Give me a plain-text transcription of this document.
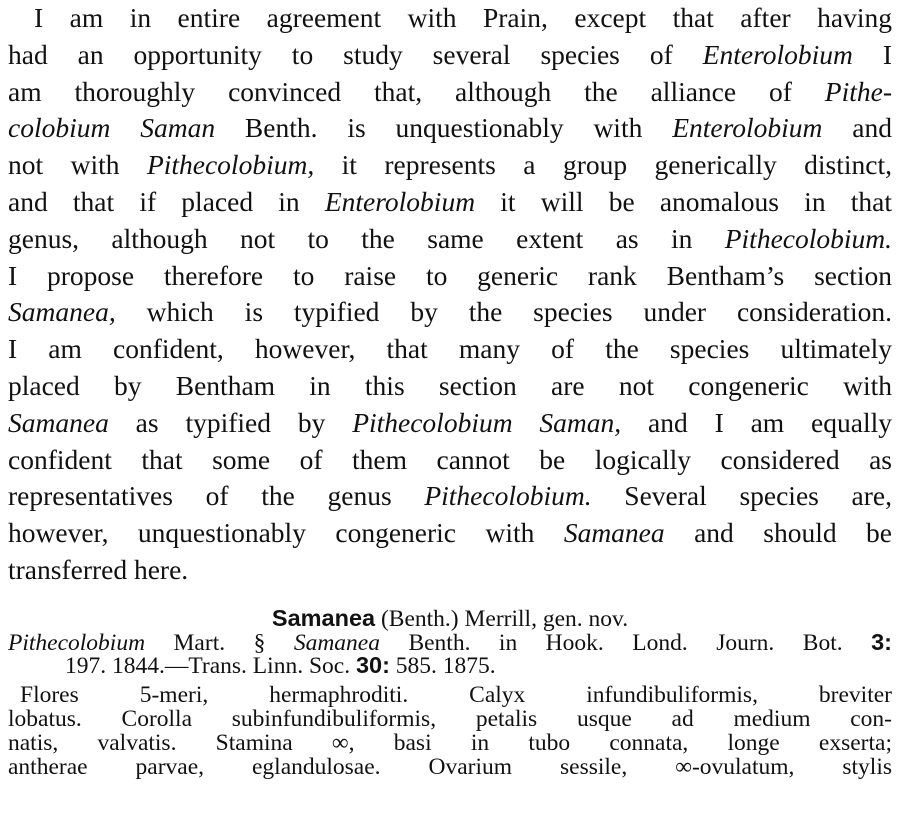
I am in entire agreement with Prain, except that after having
had an opportunity to study several species of Enterolobium I
am thoroughly convinced that, although the alliance of Pithe-
colobium Saman Benth. is unquestionably with Enterolobium and
not with Pithecolobium, it represents a group generically distinct,
and that if placed in Enterolobium it will be anomalous in that
genus, although not to the same extent as in Pithecolobium.
I propose therefore to raise to generic rank Bentham’s section
Samanea, which is typified by the species under consideration.
I am confident, however, that many of the species ultimately
placed by Bentham in this section are not congeneric with
Samanea as typified by Pithecolobium Saman, and I am equally
confident that some of them cannot be logically considered as
representatives of the genus Pithecolobium. Several species are,
however, unquestionably congeneric with Samanea and should be
transferred here.
Samanea (Benth.) Merrill, gen. nov.
Pithecolobium Mart. § Samanea Benth. in Hook. Lond. Journ. Bot. 3:
197. 1844.—Trans. Linn. Soc. 30: 585. 1875.
Flores 5-meri, hermaphroditi. Calyx infundibuliformis, breviter
lobatus. Corolla subinfundibuliformis, petalis usque ad medium con-
natis, valvatis. Stamina ∞, basi in tubo connata, longe exserta;
antherae parvae, eglandulosae. Ovarium sessile, ∞-ovulatum, stylis
